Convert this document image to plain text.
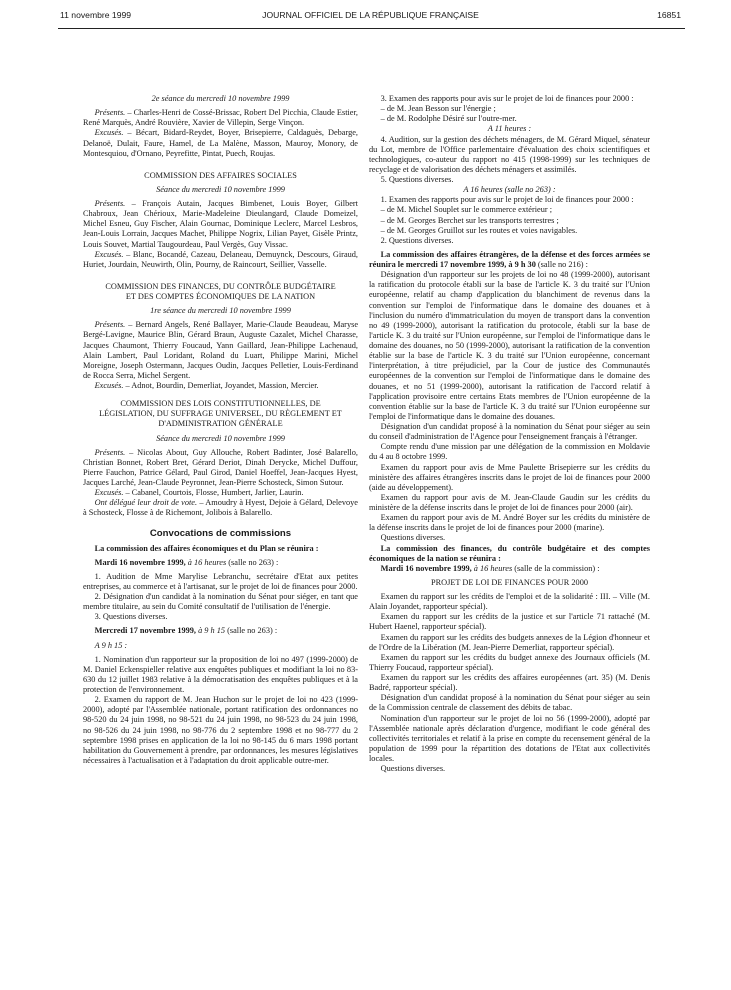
11 novembre 1999	JOURNAL OFFICIEL DE LA RÉPUBLIQUE FRANÇAISE	16851

2e séance du mercredi 10 novembre 1999

Présents. – Charles-Henri de Cossé-Brissac, Robert Del Picchia, Claude Estier, René Marquès, André Rouvière, Xavier de Villepin, Serge Vinçon.

Excusés. – Bécart, Bidard-Reydet, Boyer, Brisepierre, Caldaguès, Debarge, Delanoë, Dulait, Faure, Hamel, de La Malène, Masson, Mauroy, Monory, de Montesquiou, d'Ornano, Peyrefitte, Pintat, Puech, Roujas.

COMMISSION DES AFFAIRES SOCIALES

Séance du mercredi 10 novembre 1999

Présents. – François Autain, Jacques Bimbenet, Louis Boyer, Gilbert Chabroux, Jean Chérioux, Marie-Madeleine Dieulangard, Claude Domeizel, Michel Esneu, Guy Fischer, Alain Gournac, Dominique Leclerc, Marcel Lesbros, Jean-Louis Lorrain, Jacques Machet, Philippe Nogrix, Lilian Payet, Gisèle Printz, Louis Souvet, Martial Taugourdeau, Paul Vergès, Guy Vissac.

Excusés. – Blanc, Bocandé, Cazeau, Delaneau, Demuynck, Descours, Giraud, Huriet, Jourdain, Neuwirth, Olin, Pourny, de Raincourt, Seillier, Vasselle.

COMMISSION DES FINANCES, DU CONTRÔLE BUDGÉTAIRE

ET DES COMPTES ÉCONOMIQUES DE LA NATION

1re séance du mercredi 10 novembre 1999

Présents. – Bernard Angels, René Ballayer, Marie-Claude Beaudeau, Maryse Bergé-Lavigne, Maurice Blin, Gérard Braun, Auguste Cazalet, Michel Charasse, Jacques Chaumont, Thierry Foucaud, Yann Gaillard, Jean-Philippe Lachenaud, Alain Lambert, Paul Loridant, Roland du Luart, Philippe Marini, Michel Moreigne, Joseph Ostermann, Jacques Oudin, Jacques Pelletier, Louis-Ferdinand de Rocca Serra, Michel Sergent.

Excusés. – Adnot, Bourdin, Demerliat, Joyandet, Massion, Mercier.

COMMISSION DES LOIS CONSTITUTIONNELLES, DE

LÉGISLATION, DU SUFFRAGE UNIVERSEL, DU RÈGLEMENT ET

D'ADMINISTRATION GÉNÉRALE

Séance du mercredi 10 novembre 1999

Présents. – Nicolas About, Guy Allouche, Robert Badinter, José Balarello, Christian Bonnet, Robert Bret, Gérard Deriot, Dinah Derycke, Michel Duffour, Pierre Fauchon, Patrice Gélard, Paul Girod, Daniel Hoeffel, Jean-Jacques Hyest, Jacques Larché, Jean-Claude Peyronnet, Jean-Pierre Schosteck, Simon Sutour.

Excusés. – Cabanel, Courtois, Flosse, Humbert, Jarlier, Laurin.

Ont délégué leur droit de vote. – Amoudry à Hyest, Dejoie à Gélard, Delevoye à Schosteck, Flosse à de Richemont, Jolibois à Balarello.

Convocations de commissions

La commission des affaires économiques et du Plan se réunira :

Mardi 16 novembre 1999, à 16 heures (salle no 263) :

1. Audition de Mme Marylise Lebranchu, secrétaire d'Etat aux petites entreprises, au commerce et à l'artisanat, sur le projet de loi de finances pour 2000.

2. Désignation d'un candidat à la nomination du Sénat pour siéger, en tant que membre titulaire, au sein du Comité consultatif de l'utilisation de l'énergie.

3. Questions diverses.

Mercredi 17 novembre 1999, à 9 h 15 (salle no 263) :

A 9 h 15 :

1. Nomination d'un rapporteur sur la proposition de loi no 497 (1999-2000) de M. Daniel Eckenspieller relative aux enquêtes publiques et modifiant la loi no 83-630 du 12 juillet 1983 relative à la démocratisation des enquêtes publiques et à la protection de l'environnement.

2. Examen du rapport de M. Jean Huchon sur le projet de loi no 423 (1999-2000), adopté par l'Assemblée nationale, portant ratification des ordonnances no 98-520 du 24 juin 1998, no 98-521 du 24 juin 1998, no 98-523 du 24 juin 1998, no 98-526 du 24 juin 1998, no 98-776 du 2 septembre 1998 et no 98-777 du 2 septembre 1998 prises en application de la loi no 98-145 du 6 mars 1998 portant habilitation du Gouvernement à prendre, par ordonnances, les mesures législatives nécessaires à l'actualisation et à l'adaptation du droit applicable outre-mer.

3. Examen des rapports pour avis sur le projet de loi de finances pour 2000 :

– de M. Jean Besson sur l'énergie ;

– de M. Rodolphe Désiré sur l'outre-mer.

A 11 heures :

4. Audition, sur la gestion des déchets ménagers, de M. Gérard Miquel, sénateur du Lot, membre de l'Office parlementaire d'évaluation des choix scientifiques et technologiques, co-auteur du rapport no 415 (1998-1999) sur les techniques de recyclage et de valorisation des déchets ménagers et assimilés.

5. Questions diverses.

A 16 heures (salle no 263) :

1. Examen des rapports pour avis sur le projet de loi de finances pour 2000 :

– de M. Michel Souplet sur le commerce extérieur ;

– de M. Georges Berchet sur les transports terrestres ;

– de M. Georges Gruillot sur les routes et voies navigables.

2. Questions diverses.

La commission des affaires étrangères, de la défense et des forces armées se réunira le mercredi 17 novembre 1999, à 9 h 30 (salle no 216) :

Désignation d'un rapporteur sur les projets de loi no 48 (1999-2000), autorisant la ratification du protocole établi sur la base de l'article K. 3 du traité sur l'Union européenne, relatif au champ d'application du blanchiment de revenus dans la convention sur l'emploi de l'informatique dans le domaine des douanes et à l'inclusion du numéro d'immatriculation du moyen de transport dans la convention no 49 (1999-2000), autorisant la ratification du protocole, établi sur la base de l'article K. 3 du traité sur l'Union européenne, sur l'emploi de l'informatique dans le domaine des douanes, no 50 (1999-2000), autorisant la ratification de la convention établie sur la base de l'article K. 3 du traité sur l'Union européenne, concernant l'interprétation, à titre préjudiciel, par la Cour de justice des Communautés européennes de la convention sur l'emploi de l'informatique dans le domaine des douanes, et no 51 (1999-2000), autorisant la ratification de l'accord relatif à l'application provisoire entre certains Etats membres de l'Union européenne de la convention établie sur la base de l'article K. 3 du traité sur l'Union européenne sur l'emploi de l'informatique dans le domaine des douanes.

Désignation d'un candidat proposé à la nomination du Sénat pour siéger au sein du conseil d'administration de l'Agence pour l'enseignement français à l'étranger.

Compte rendu d'une mission par une délégation de la commission en Moldavie du 4 au 8 octobre 1999.

Examen du rapport pour avis de Mme Paulette Brisepierre sur les crédits du ministère des affaires étrangères inscrits dans le projet de loi de finances pour 2000 (aide au développement).

Examen du rapport pour avis de M. Jean-Claude Gaudin sur les crédits du ministère de la défense inscrits dans le projet de loi de finances pour 2000 (air).

Examen du rapport pour avis de M. André Boyer sur les crédits du ministère de la défense inscrits dans le projet de loi de finances pour 2000 (marine).

Questions diverses.

La commission des finances, du contrôle budgétaire et des comptes économiques de la nation se réunira :

Mardi 16 novembre 1999, à 16 heures (salle de la commission) :

PROJET DE LOI DE FINANCES POUR 2000

Examen du rapport sur les crédits de l'emploi et de la solidarité : III. – Ville (M. Alain Joyandet, rapporteur spécial).

Examen du rapport sur les crédits de la justice et sur l'article 71 rattaché (M. Hubert Haenel, rapporteur spécial).

Examen du rapport sur les crédits des budgets annexes de la Légion d'honneur et de l'Ordre de la Libération (M. Jean-Pierre Demerliat, rapporteur spécial).

Examen du rapport sur les crédits du budget annexe des Journaux officiels (M. Thierry Foucaud, rapporteur spécial).

Examen du rapport sur les crédits des affaires européennes (art. 35) (M. Denis Badré, rapporteur spécial).

Désignation d'un candidat proposé à la nomination du Sénat pour siéger au sein de la Commission centrale de classement des débits de tabac.

Nomination d'un rapporteur sur le projet de loi no 56 (1999-2000), adopté par l'Assemblée nationale après déclaration d'urgence, modifiant le code général des collectivités territoriales et relatif à la prise en compte du recensement général de la population de 1999 pour la répartition des dotations de l'Etat aux collectivités locales.

Questions diverses.
